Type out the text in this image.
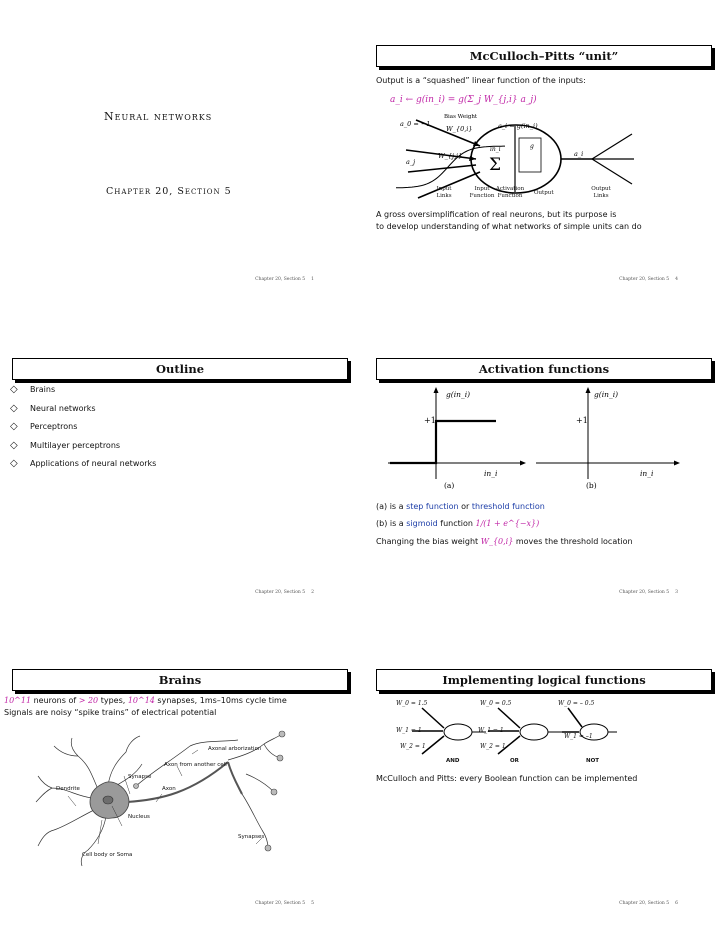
Neural networks
Chapter 20, Section 5
Chapter 20, Section 5 1
McCulloch–Pitts “unit”
Output is a “squashed” linear function of the inputs:
a_i ← g(in_i) = g(Σ_j W_{j,i} a_j)
Bias Weight
a_0 = −1
W_{0,i}	a_i = g(in_i)
in_i	g
W_{j,i}
a_j	Σ
a_i
Input
Links
Input
Function
Activation
Function	Output
Output
Links
A gross oversimplification of real neurons, but its purpose is
to develop understanding of what networks of simple units can do
Chapter 20, Section 5 4
Outline
◇	Brains
◇	Neural networks
◇	Perceptrons
◇	Multilayer perceptrons
◇	Applications of neural networks
Chapter 20, Section 5 2
Activation functions
g(in_i)
+1
in_i
(a)
g(in_i)
+1
in_i
(b)
(a) is a step function or threshold function
(b) is a sigmoid function 1/(1 + e^{−x})
Changing the bias weight W_{0,i} moves the threshold location
Chapter 20, Section 5 3
Brains
10^11 neurons of > 20 types, 10^14 synapses, 1ms–10ms cycle time
Signals are noisy “spike trains” of electrical potential
Axonal arborization
Axon from another cell
Synapse
Dendrite	Axon
Nucleus
Synapses
Cell body or Soma
Chapter 20, Section 5 5
Implementing logical functions
W_0 = 1.5
W_1 = 1
W_2 = 1
AND
W_0 = 0.5
W_1 = 1
W_2 = 1
OR
W_0 = – 0.5
W_1 = –1
NOT
McCulloch and Pitts: every Boolean function can be implemented
Chapter 20, Section 5 6
